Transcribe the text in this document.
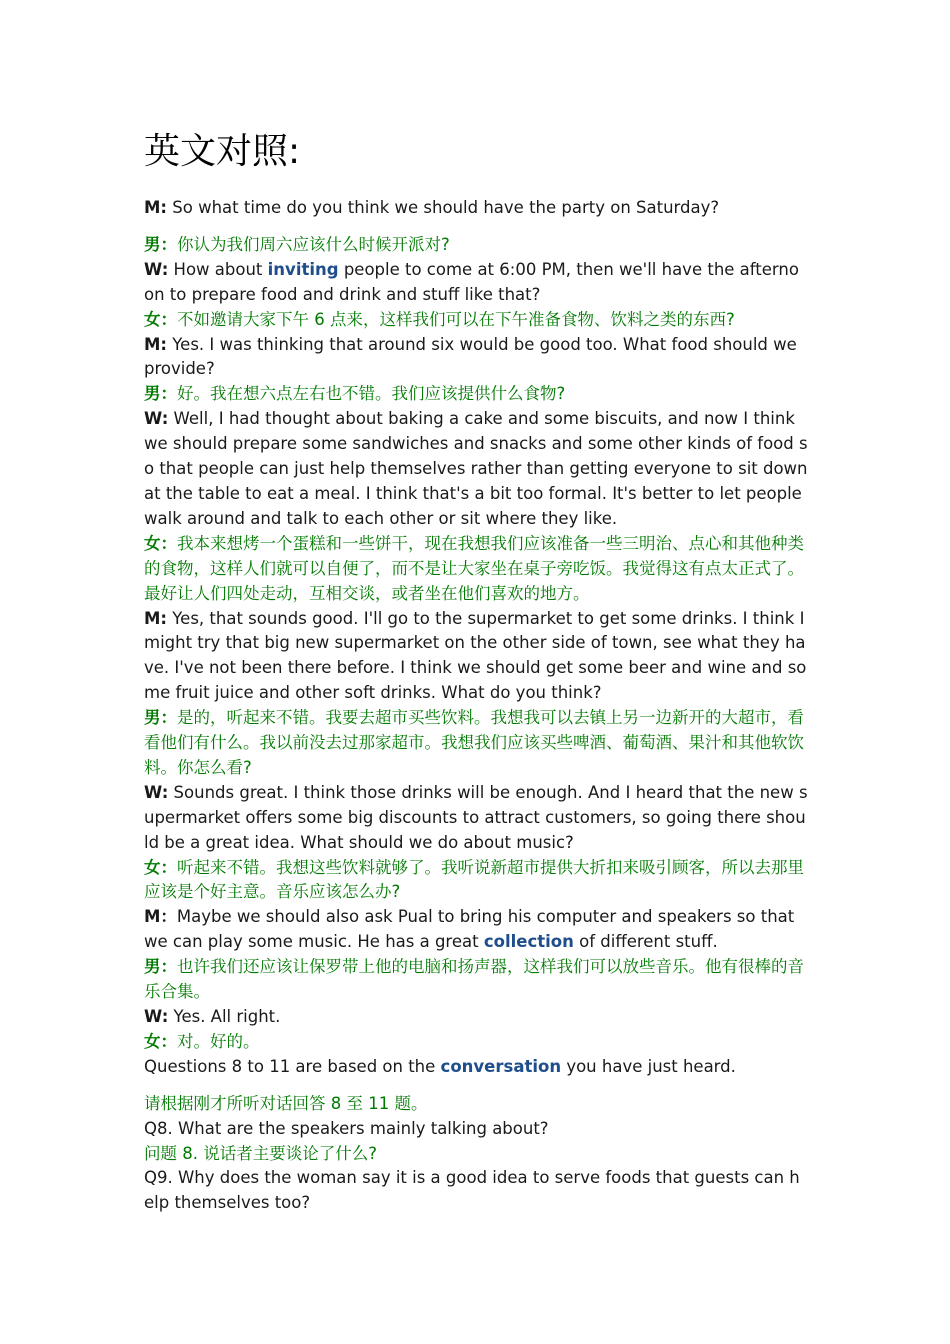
英文对照:

M: So what time do you think we should have the party on Saturday?

男：你认为我们周六应该什么时候开派对?

W: How about inviting people to come at 6:00 PM, then we'll have the afternoon to prepare food and drink and stuff like that?

女：不如邀请大家下午 6 点来，这样我们可以在下午准备食物、饮料之类的东西?

M: Yes. I was thinking that around six would be good too. What food should we provide?

男：好。我在想六点左右也不错。我们应该提供什么食物?

W: Well, I had thought about baking a cake and some biscuits, and now I think we should prepare some sandwiches and snacks and some other kinds of food so that people can just help themselves rather than getting everyone to sit down at the table to eat a meal. I think that's a bit too formal. It's better to let people walk around and talk to each other or sit where they like.

女：我本来想烤一个蛋糕和一些饼干，现在我想我们应该准备一些三明治、点心和其他种类的食物，这样人们就可以自便了，而不是让大家坐在桌子旁吃饭。我觉得这有点太正式了。最好让人们四处走动，互相交谈，或者坐在他们喜欢的地方。

M: Yes, that sounds good. I'll go to the supermarket to get some drinks. I think I might try that big new supermarket on the other side of town, see what they have. I've not been there before. I think we should get some beer and wine and some fruit juice and other soft drinks. What do you think?

男：是的，听起来不错。我要去超市买些饮料。我想我可以去镇上另一边新开的大超市，看看他们有什么。我以前没去过那家超市。我想我们应该买些啤酒、葡萄酒、果汁和其他软饮料。你怎么看?

W: Sounds great. I think those drinks will be enough. And I heard that the new supermarket offers some big discounts to attract customers, so going there should be a great idea. What should we do about music?

女：听起来不错。我想这些饮料就够了。我听说新超市提供大折扣来吸引顾客，所以去那里应该是个好主意。音乐应该怎么办?

M：Maybe we should also ask Pual to bring his computer and speakers so that we can play some music. He has a great collection of different stuff.

男：也许我们还应该让保罗带上他的电脑和扬声器，这样我们可以放些音乐。他有很棒的音乐合集。

W: Yes. All right.

女：对。好的。

Questions 8 to 11 are based on the conversation you have just heard.

请根据刚才所听对话回答 8 至 11 题。

Q8. What are the speakers mainly talking about?

问题 8. 说话者主要谈论了什么?

Q9. Why does the woman say it is a good idea to serve foods that guests can help themselves too?
